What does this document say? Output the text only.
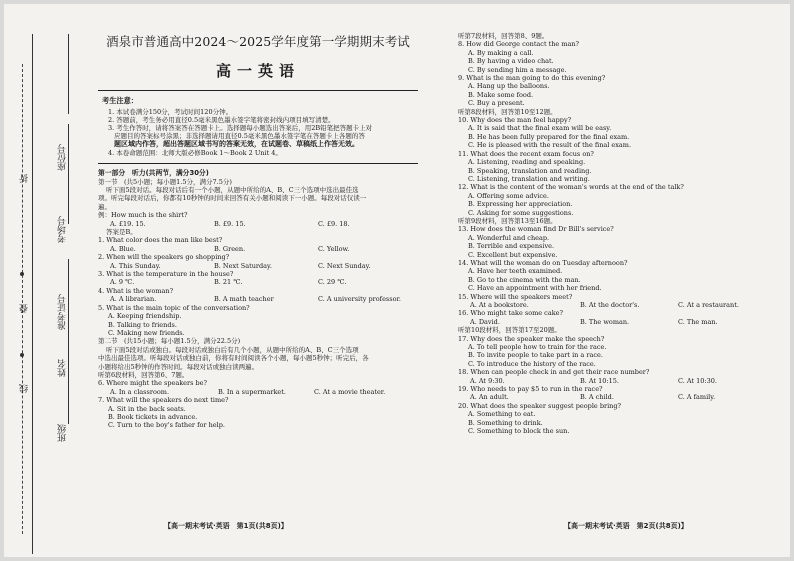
折
叠
线
班级
姓名
准考证号
考场号
座位号
酒泉市普通高中2024～2025学年度第一学期期末考试
高一英语
考生注意：
1. 本试卷满分150分，考试时间120分钟。
2. 答题前，考生务必用直径0.5毫米黑色墨水签字笔将密封线内项目填写清楚。
3. 考生作答时，请将答案答在答题卡上。选择题每小题选出答案后，用2B铅笔把答题卡上对
应题目的答案标号涂黑；非选择题请用直径0.5毫米黑色墨水签字笔在答题卡上各题的答
题区域内作答，超出答题区域书写的答案无效，在试题卷、草稿纸上作答无效。
4. 本卷命题范围：北师大版必修Book 1～Book 2 Unit 4。
第一部分　听力(共两节，满分30分)
第一节　(共5小题；每小题1.5分，满分7.5分)
听下面5段对话。每段对话后有一个小题，从题中所给的A、B、C三个选项中选出最佳选
项。听完每段对话后，你都有10秒钟的时间来回答有关小题和阅读下一小题。每段对话仅读一
遍。
例：How much is the shirt?
A. £19. 15.	B. £9. 15.	C. £9. 18.
答案是B。
1. What color does the man like best?
A. Blue.	B. Green.	C. Yellow.
2. When will the speakers go shopping?
A. This Sunday.	B. Next Saturday.	C. Next Sunday.
3. What is the temperature in the house?
A. 9 ℃.	B. 21 ℃.	C. 29 ℃.
4. What is the woman?
A. A librarian.	B. A math teacher	C. A university professor.
5. What is the main topic of the conversation?
A. Keeping friendship.
B. Talking to friends.
C. Making new friends.
第二节　(共15小题；每小题1.5分，满分22.5分)
听下面5段对话或独白。每段对话或独白后有几个小题，从题中所给的A、B、C三个选项
中选出最佳选项。听每段对话或独白前，你将有时间阅读各个小题，每小题5秒钟；听完后，各
小题将给出5秒钟的作答时间。每段对话或独白读两遍。
听第6段材料，回答第6、7题。
6. Where might the speakers be?
A. In a classroom.	B. In a supermarket.	C. At a movie theater.
7. What will the speakers do next time?
A. Sit in the back seats.
B. Book tickets in advance.
C. Turn to the boy's father for help.
【高一期末考试·英语　第1页(共8页)】
听第7段材料，回答第8、9题。
8. How did George contact the man?
A. By making a call.
B. By having a video chat.
C. By sending him a message.
9. What is the man going to do this evening?
A. Hang up the balloons.
B. Make some food.
C. Buy a present.
听第8段材料，回答第10至12题。
10. Why does the man feel happy?
A. It is said that the final exam will be easy.
B. He has been fully prepared for the final exam.
C. He is pleased with the result of the final exam.
11. What does the recent exam focus on?
A. Listening, reading and speaking.
B. Speaking, translation and reading.
C. Listening, translation and writing.
12. What is the content of the woman's words at the end of the talk?
A. Offering some advice.
B. Expressing her appreciation.
C. Asking for some suggestions.
听第9段材料，回答第13至16题。
13. How does the woman find Dr Bill's service?
A. Wonderful and cheap.
B. Terrible and expensive.
C. Excellent but expensive.
14. What will the woman do on Tuesday afternoon?
A. Have her teeth examined.
B. Go to the cinema with the man.
C. Have an appointment with her friend.
15. Where will the speakers meet?
A. At a bookstore.	B. At the doctor's.	C. At a restaurant.
16. Who might take some cake?
A. David.	B. The woman.	C. The man.
听第10段材料，回答第17至20题。
17. Why does the speaker make the speech?
A. To tell people how to train for the race.
B. To invite people to take part in a race.
C. To introduce the history of the race.
18. When can people check in and get their race number?
A. At 9:30.	B. At 10:15.	C. At 10:30.
19. Who needs to pay $5 to run in the race?
A. An adult.	B. A child.	C. A family.
20. What does the speaker suggest people bring?
A. Something to eat.
B. Something to drink.
C. Something to block the sun.
【高一期末考试·英语　第2页(共8页)】
